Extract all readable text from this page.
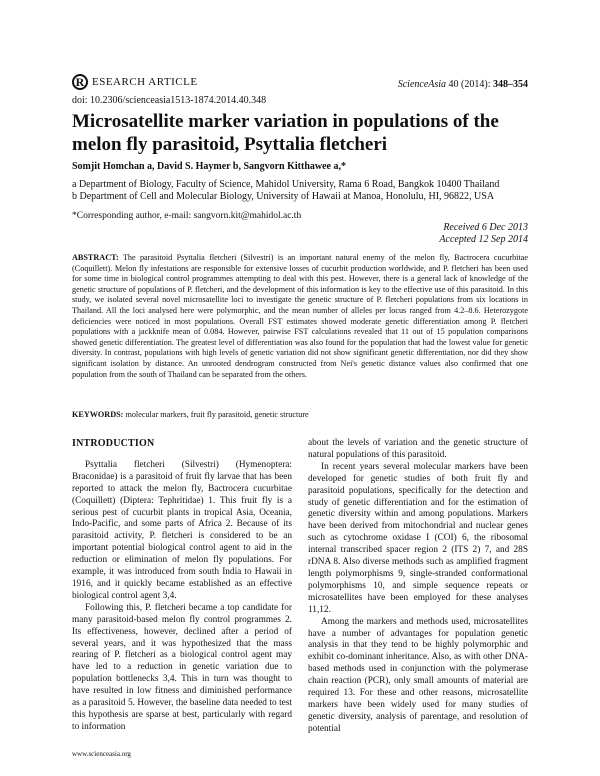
R ESEARCH ARTICLE
doi: 10.2306/scienceasia1513-1874.2014.40.348
ScienceAsia 40 (2014): 348–354
Microsatellite marker variation in populations of the melon fly parasitoid, Psyttalia fletcheri
Somjit Homchan a, David S. Haymer b, Sangvorn Kitthawee a,*
a Department of Biology, Faculty of Science, Mahidol University, Rama 6 Road, Bangkok 10400 Thailand
b Department of Cell and Molecular Biology, University of Hawaii at Manoa, Honolulu, HI, 96822, USA
*Corresponding author, e-mail: sangvorn.kit@mahidol.ac.th
Received 6 Dec 2013
Accepted 12 Sep 2014
ABSTRACT: The parasitoid Psyttalia fletcheri (Silvestri) is an important natural enemy of the melon fly, Bactrocera cucurbitae (Coquillett). Melon fly infestations are responsible for extensive losses of cucurbit production worldwide, and P. fletcheri has been used for some time in biological control programmes attempting to deal with this pest. However, there is a general lack of knowledge of the genetic structure of populations of P. fletcheri, and the development of this information is key to the effective use of this parasitoid. In this study, we isolated several novel microsatellite loci to investigate the genetic structure of P. fletcheri populations from six locations in Thailand. All the loci analysed here were polymorphic, and the mean number of alleles per locus ranged from 4.2–8.6. Heterozygote deficiencies were noticed in most populations. Overall FST estimates showed moderate genetic differentiation among P. fletcheri populations with a jackknife mean of 0.084. However, pairwise FST calculations revealed that 11 out of 15 population comparisons showed genetic differentiation. The greatest level of differentiation was also found for the population that had the lowest value for genetic diversity. In contrast, populations with high levels of genetic variation did not show significant genetic differentiation, nor did they show significant isolation by distance. An unrooted dendrogram constructed from Nei's genetic distance values also confirmed that one population from the south of Thailand can be separated from the others.
KEYWORDS: molecular markers, fruit fly parasitoid, genetic structure
INTRODUCTION

Psyttalia fletcheri (Silvestri) (Hymenoptera: Braconidae) is a parasitoid of fruit fly larvae that has been reported to attack the melon fly, Bactrocera cucurbitae (Coquillett) (Diptera: Tephritidae) 1. This fruit fly is a serious pest of cucurbit plants in tropical Asia, Oceania, Indo-Pacific, and some parts of Africa 2. Because of its parasitoid activity, P. fletcheri is considered to be an important potential biological control agent to aid in the reduction or elimination of melon fly populations. For example, it was introduced from south India to Hawaii in 1916, and it quickly became established as an effective biological control agent 3,4.

Following this, P. fletcheri became a top candidate for many parasitoid-based melon fly control programmes 2. Its effectiveness, however, declined after a period of several years, and it was hypothesized that the mass rearing of P. fletcheri as a biological control agent may have led to a reduction in genetic variation due to population bottlenecks 3,4. This in turn was thought to have resulted in low fitness and diminished performance as a parasitoid 5. However, the baseline data needed to test this hypothesis are sparse at best, particularly with regard to information

about the levels of variation and the genetic structure of natural populations of this parasitoid.

In recent years several molecular markers have been developed for genetic studies of both fruit fly and parasitoid populations, specifically for the detection and study of genetic differentiation and for the estimation of genetic diversity within and among populations. Markers have been derived from mitochondrial and nuclear genes such as cytochrome oxidase I (COI) 6, the ribosomal internal transcribed spacer region 2 (ITS 2) 7, and 28S rDNA 8. Also diverse methods such as amplified fragment length polymorphisms 9, single-stranded conformational polymorphisms 10, and simple sequence repeats or microsatellites have been employed for these analyses 11,12.

Among the markers and methods used, microsatellites have a number of advantages for population genetic analysis in that they tend to be highly polymorphic and exhibit co-dominant inheritance. Also, as with other DNA-based methods used in conjunction with the polymerase chain reaction (PCR), only small amounts of material are required 13. For these and other reasons, microsatellite markers have been widely used for many studies of genetic diversity, analysis of parentage, and resolution of potential

www.scienceasia.org
